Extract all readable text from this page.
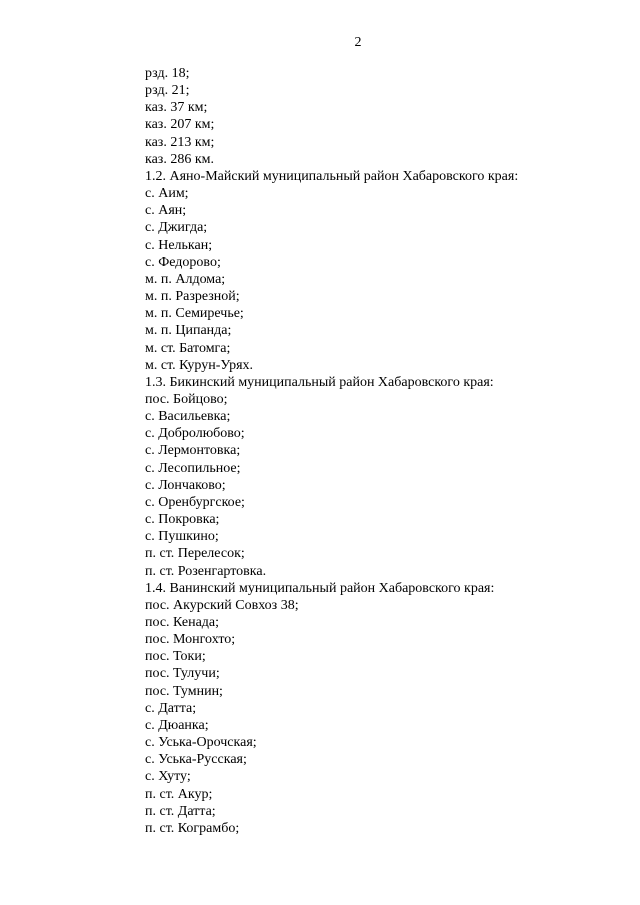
2
рзд. 18;
рзд. 21;
каз. 37 км;
каз. 207 км;
каз. 213 км;
каз. 286 км.
1.2. Аяно-Майский муниципальный район Хабаровского края:
с. Аим;
с. Аян;
с. Джигда;
с. Нелькан;
с. Федорово;
м. п. Алдома;
м. п. Разрезной;
м. п. Семиречье;
м. п. Ципанда;
м. ст. Батомга;
м. ст. Курун-Урях.
1.3. Бикинский муниципальный район Хабаровского края:
пос. Бойцово;
с. Васильевка;
с. Добролюбово;
с. Лермонтовка;
с. Лесопильное;
с. Лончаково;
с. Оренбургское;
с. Покровка;
с. Пушкино;
п. ст. Перелесок;
п. ст. Розенгартовка.
1.4. Ванинский муниципальный район Хабаровского края:
пос. Акурский Совхоз 38;
пос. Кенада;
пос. Монгохто;
пос. Токи;
пос. Тулучи;
пос. Тумнин;
с. Датта;
с. Дюанка;
с. Уська-Орочская;
с. Уська-Русская;
с. Хуту;
п. ст. Акур;
п. ст. Датта;
п. ст. Кограмбо;
